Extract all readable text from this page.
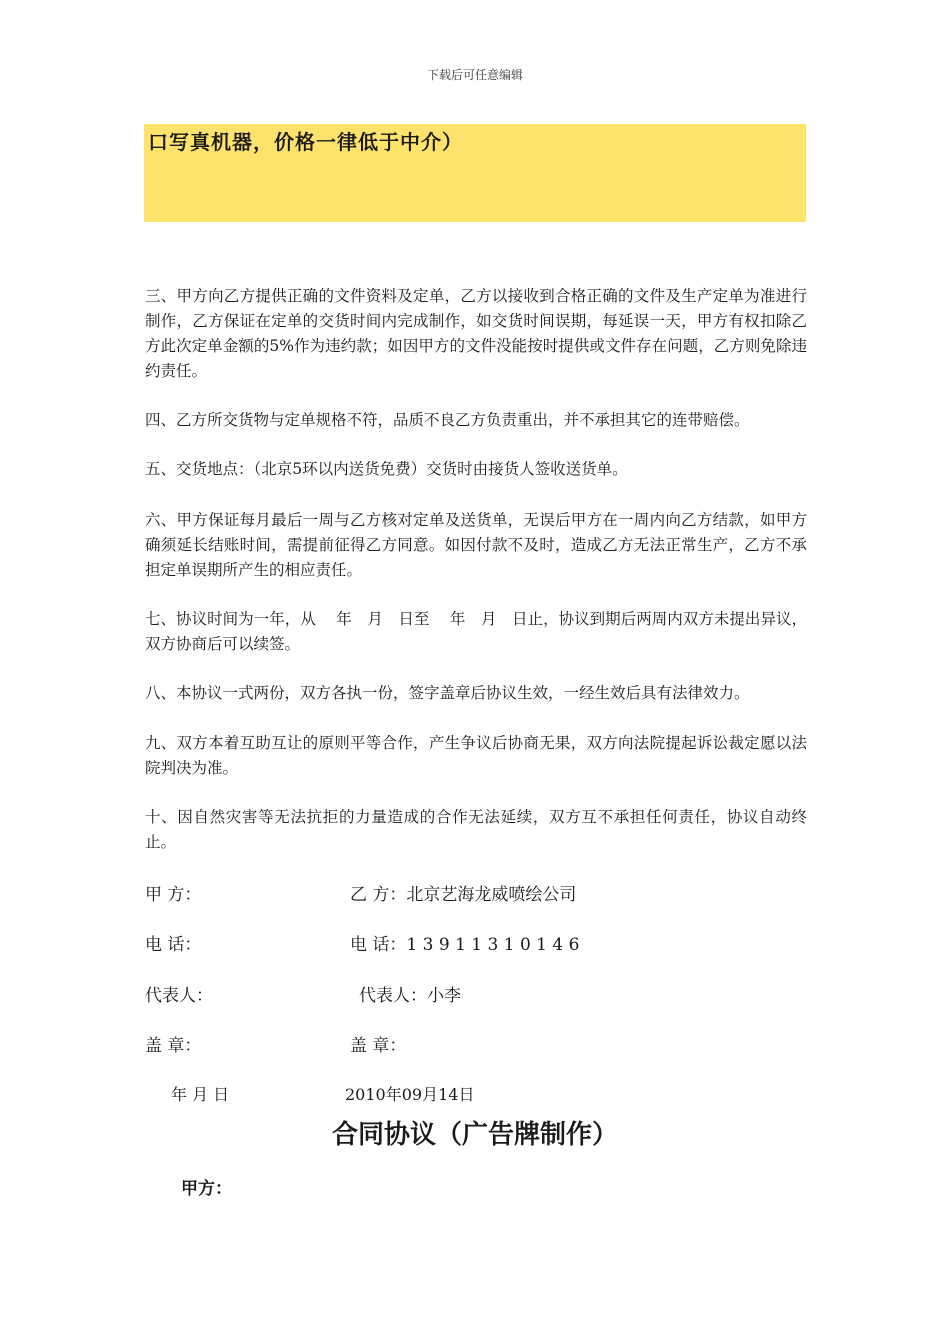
下载后可任意编辑
口写真机器，价格一律低于中介）
三、甲方向乙方提供正确的文件资料及定单，乙方以接收到合格正确的文件及生产定单为准进行制作，乙方保证在定单的交货时间内完成制作，如交货时间误期，每延误一天，甲方有权扣除乙方此次定单金额的5%作为违约款；如因甲方的文件没能按时提供或文件存在问题，乙方则免除违约责任。
四、乙方所交货物与定单规格不符，品质不良乙方负责重出，并不承担其它的连带赔偿。
五、交货地点：（北京5环以内送货免费）交货时由接货人签收送货单。
六、甲方保证每月最后一周与乙方核对定单及送货单，无误后甲方在一周内向乙方结款，如甲方确须延长结账时间，需提前征得乙方同意。如因付款不及时，造成乙方无法正常生产，乙方不承担定单误期所产生的相应责任。
七、协议时间为一年，从　 年　月　日至　 年　月　日止，协议到期后两周内双方未提出异议，双方协商后可以续签。
八、本协议一式两份，双方各执一份，签字盖章后协议生效，一经生效后具有法律效力。
九、双方本着互助互让的原则平等合作，产生争议后协商无果，双方向法院提起诉讼裁定愿以法院判决为准。
十、因自然灾害等无法抗拒的力量造成的合作无法延续，双方互不承担任何责任，协议自动终止。
甲 方：	乙 方：北京艺海龙威喷绘公司
电 话：	电 话：1 3 9 1 1 3 1 0 1 4 6
代表人：	代表人：小李
盖 章：	盖 章：
年 月 日	2010年09月14日
合同协议（广告牌制作）
甲方：
